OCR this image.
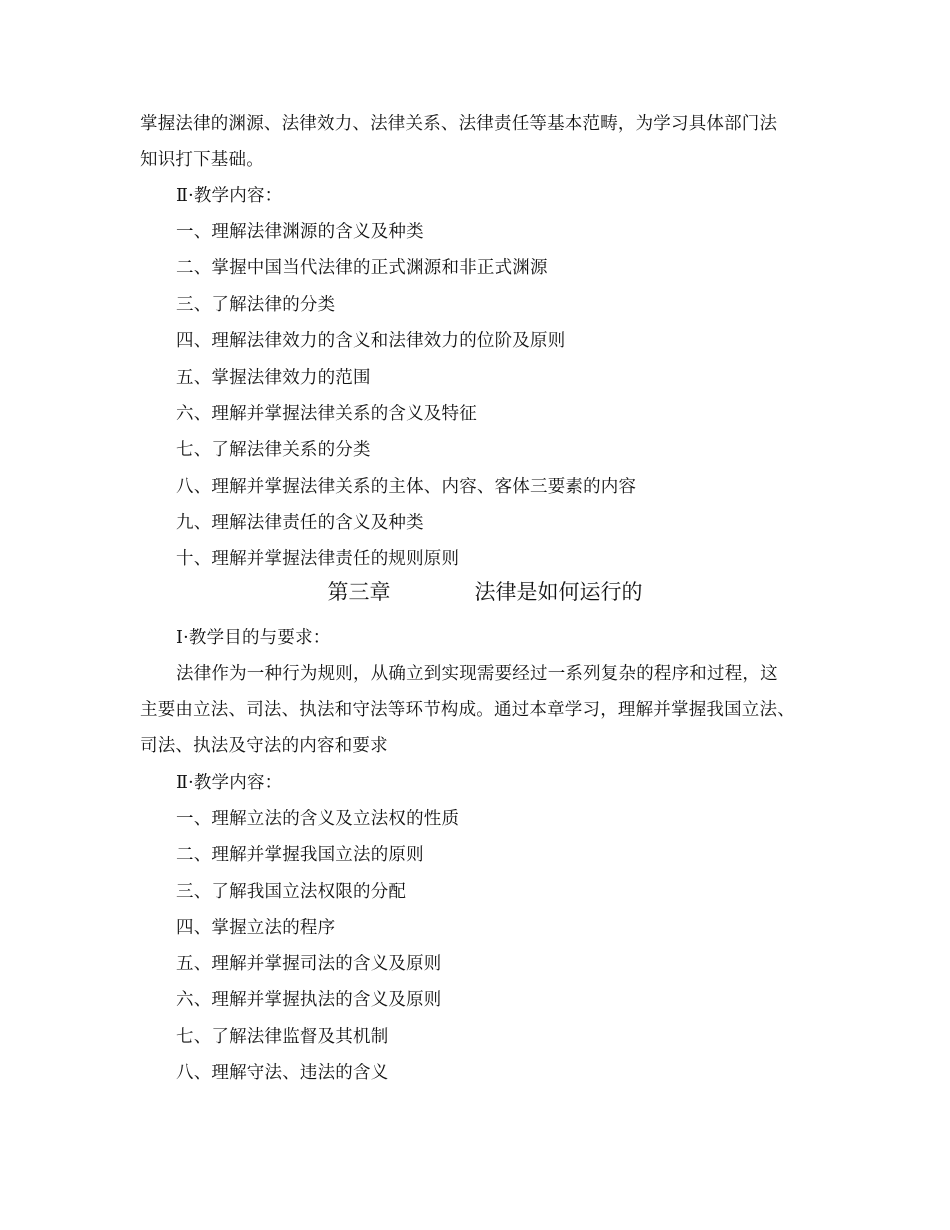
掌握法律的渊源、法律效力、法律关系、法律责任等基本范畴，为学习具体部门法
知识打下基础。
Ⅱ·教学内容：
一、理解法律渊源的含义及种类
二、掌握中国当代法律的正式渊源和非正式渊源
三、了解法律的分类
四、理解法律效力的含义和法律效力的位阶及原则
五、掌握法律效力的范围
六、理解并掌握法律关系的含义及特征
七、了解法律关系的分类
八、理解并掌握法律关系的主体、内容、客体三要素的内容
九、理解法律责任的含义及种类
十、理解并掌握法律责任的规则原则
第三章	法律是如何运行的
Ⅰ·教学目的与要求：
法律作为一种行为规则，从确立到实现需要经过一系列复杂的程序和过程，这
主要由立法、司法、执法和守法等环节构成。通过本章学习，理解并掌握我国立法、
司法、执法及守法的内容和要求
Ⅱ·教学内容：
一、理解立法的含义及立法权的性质
二、理解并掌握我国立法的原则
三、了解我国立法权限的分配
四、掌握立法的程序
五、理解并掌握司法的含义及原则
六、理解并掌握执法的含义及原则
七、了解法律监督及其机制
八、理解守法、违法的含义
